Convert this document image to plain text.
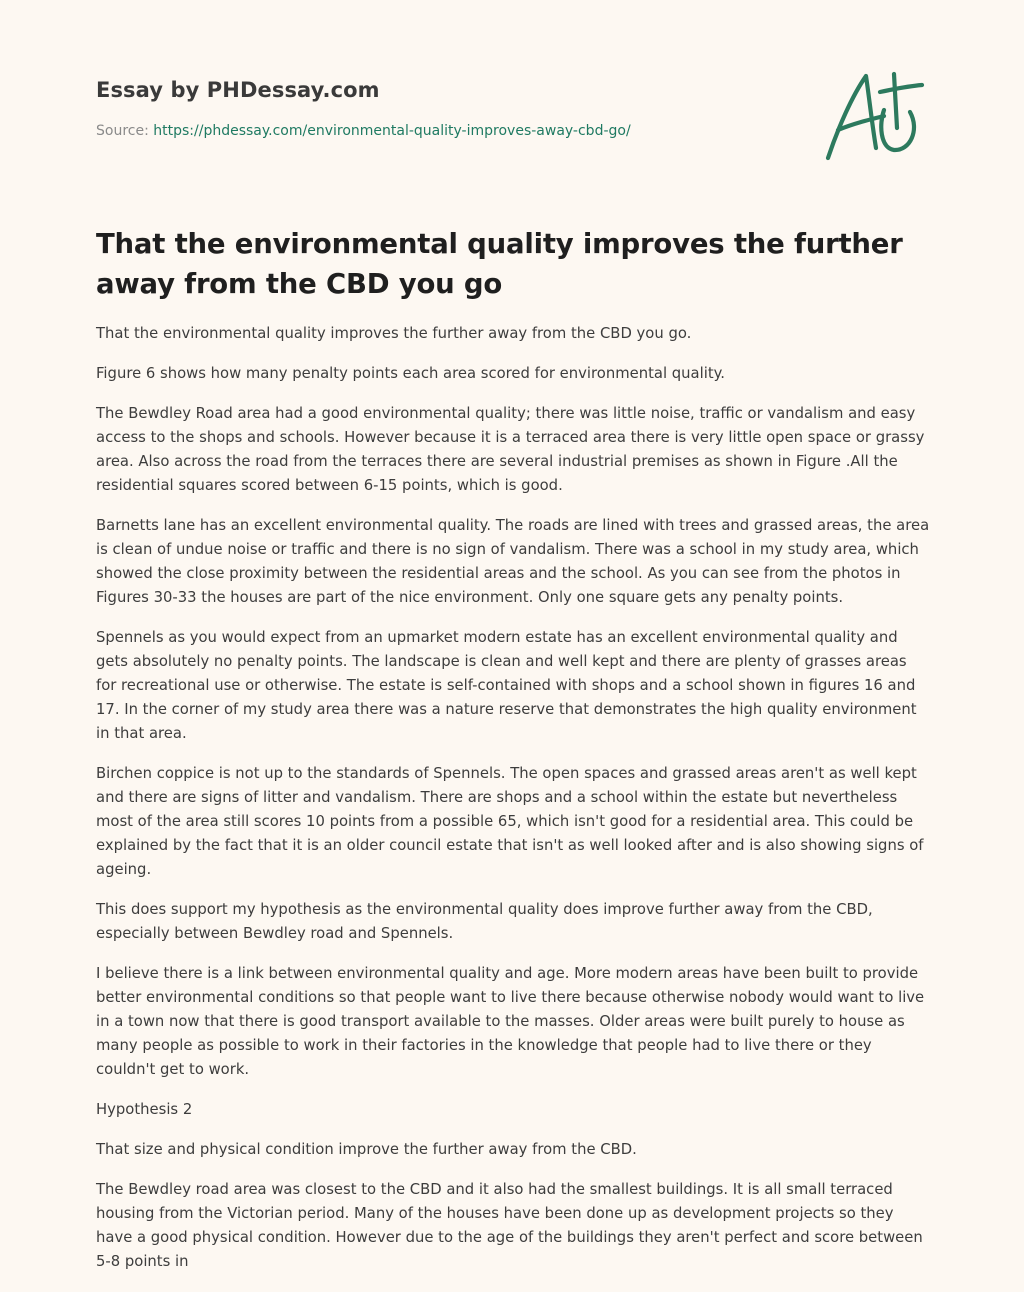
Essay by PHDessay.com

Source: https://phdessay.com/environmental-quality-improves-away-cbd-go/
That the environmental quality improves the further away from the CBD you go

That the environmental quality improves the further away from the CBD you go.

Figure 6 shows how many penalty points each area scored for environmental quality.

The Bewdley Road area had a good environmental quality; there was little noise, traffic or vandalism and easy access to the shops and schools. However because it is a terraced area there is very little open space or grassy area. Also across the road from the terraces there are several industrial premises as shown in Figure .All the residential squares scored between 6-15 points, which is good.

Barnetts lane has an excellent environmental quality. The roads are lined with trees and grassed areas, the area is clean of undue noise or traffic and there is no sign of vandalism. There was a school in my study area, which showed the close proximity between the residential areas and the school. As you can see from the photos in Figures 30-33 the houses are part of the nice environment. Only one square gets any penalty points.

Spennels as you would expect from an upmarket modern estate has an excellent environmental quality and gets absolutely no penalty points. The landscape is clean and well kept and there are plenty of grasses areas for recreational use or otherwise. The estate is self-contained with shops and a school shown in figures 16 and 17. In the corner of my study area there was a nature reserve that demonstrates the high quality environment in that area.

Birchen coppice is not up to the standards of Spennels. The open spaces and grassed areas aren't as well kept and there are signs of litter and vandalism. There are shops and a school within the estate but nevertheless most of the area still scores 10 points from a possible 65, which isn't good for a residential area. This could be explained by the fact that it is an older council estate that isn't as well looked after and is also showing signs of ageing.

This does support my hypothesis as the environmental quality does improve further away from the CBD, especially between Bewdley road and Spennels.

I believe there is a link between environmental quality and age. More modern areas have been built to provide better environmental conditions so that people want to live there because otherwise nobody would want to live in a town now that there is good transport available to the masses. Older areas were built purely to house as many people as possible to work in their factories in the knowledge that people had to live there or they couldn't get to work.

Hypothesis 2

That size and physical condition improve the further away from the CBD.

The Bewdley road area was closest to the CBD and it also had the smallest buildings. It is all small terraced housing from the Victorian period. Many of the houses have been done up as development projects so they have a good physical condition. However due to the age of the buildings they aren't perfect and score between 5-8 points in
